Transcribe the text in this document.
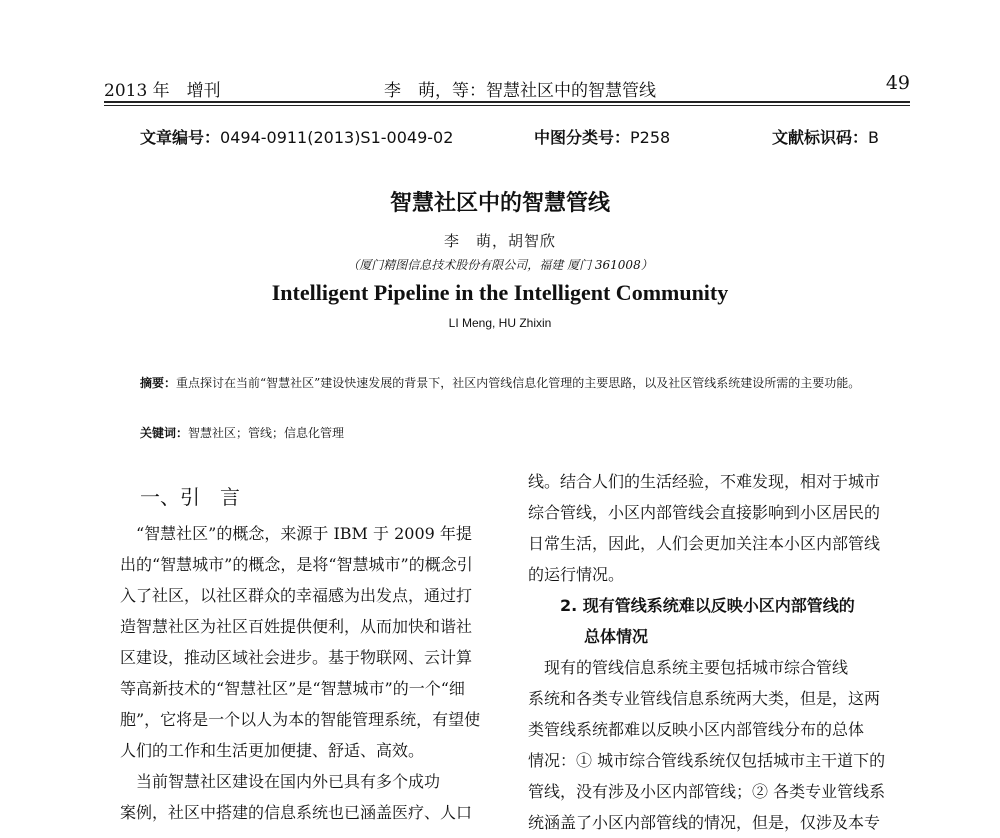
2013 年　增刊	李　萌，等：智慧社区中的智慧管线	49
文章编号：0494-0911(2013)S1-0049-02	中图分类号：P258	文献标识码：B
智慧社区中的智慧管线
李　萌，胡智欣
（厦门精图信息技术股份有限公司，福建 厦门 361008）
Intelligent Pipeline in the Intelligent Community
LI Meng, HU Zhixin
摘要：重点探讨在当前“智慧社区”建设快速发展的背景下，社区内管线信息化管理的主要思路，以及社区管线系统建设所需的主要功能。
关键词：智慧社区；管线；信息化管理
一、引　言
　“智慧社区”的概念，来源于 IBM 于 2009 年提
出的“智慧城市”的概念，是将“智慧城市”的概念引
入了社区，以社区群众的幸福感为出发点，通过打
造智慧社区为社区百姓提供便利，从而加快和谐社
区建设，推动区域社会进步。基于物联网、云计算
等高新技术的“智慧社区”是“智慧城市”的一个“细
胞”，它将是一个以人为本的智能管理系统，有望使
人们的工作和生活更加便捷、舒适、高效。
　当前智慧社区建设在国内外已具有多个成功
案例，社区中搭建的信息系统也已涵盖医疗、人口
线。结合人们的生活经验，不难发现，相对于城市
综合管线，小区内部管线会直接影响到小区居民的
日常生活，因此，人们会更加关注本小区内部管线
的运行情况。
2. 现有管线系统难以反映小区内部管线的
总体情况
　现有的管线信息系统主要包括城市综合管线
系统和各类专业管线信息系统两大类，但是，这两
类管线系统都难以反映小区内部管线分布的总体
情况：① 城市综合管线系统仅包括城市主干道下的
管线，没有涉及小区内部管线；② 各类专业管线系
统涵盖了小区内部管线的情况，但是，仅涉及本专
